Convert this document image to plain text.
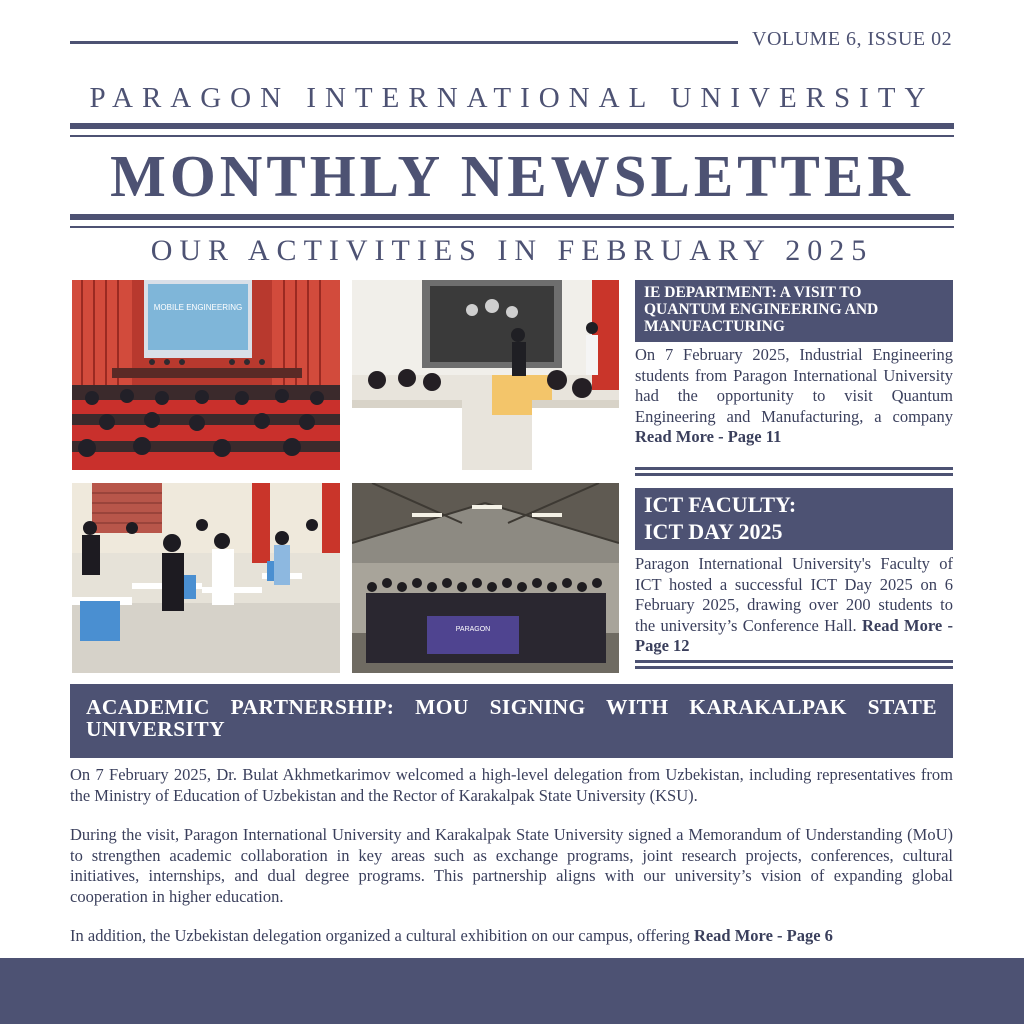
VOLUME 6, ISSUE 02
PARAGON INTERNATIONAL UNIVERSITY
MONTHLY NEWSLETTER
OUR ACTIVITIES IN FEBRUARY 2025
MOBILE ENGINEERING
PARAGON
IE DEPARTMENT: A VISIT TO QUANTUM ENGINEERING AND MANUFACTURING
On 7 February 2025, Industrial Engineering students from Paragon International University had the opportunity to visit Quantum Engineering and Manufacturing, a company Read More - Page 11
ICT FACULTY:
ICT DAY 2025
Paragon International University's Faculty of ICT hosted a successful ICT Day 2025 on 6 February 2025, drawing over 200 students to the university’s Conference Hall. Read More - Page 12
ACADEMIC PARTNERSHIP: MOU SIGNING WITH KARAKALPAK STATE UNIVERSITY
On 7 February 2025, Dr. Bulat Akhmetkarimov welcomed a high-level delegation from Uzbekistan, including representatives from the Ministry of Education of Uzbekistan and the Rector of Karakalpak State University (KSU).
During the visit, Paragon International University and Karakalpak State University signed a Memorandum of Understanding (MoU) to strengthen academic collaboration in key areas such as exchange programs, joint research projects, conferences, cultural initiatives, internships, and dual degree programs. This partnership aligns with our university’s vision of expanding global cooperation in higher education.
In addition, the Uzbekistan delegation organized a cultural exhibition on our campus, offering Read More - Page 6
